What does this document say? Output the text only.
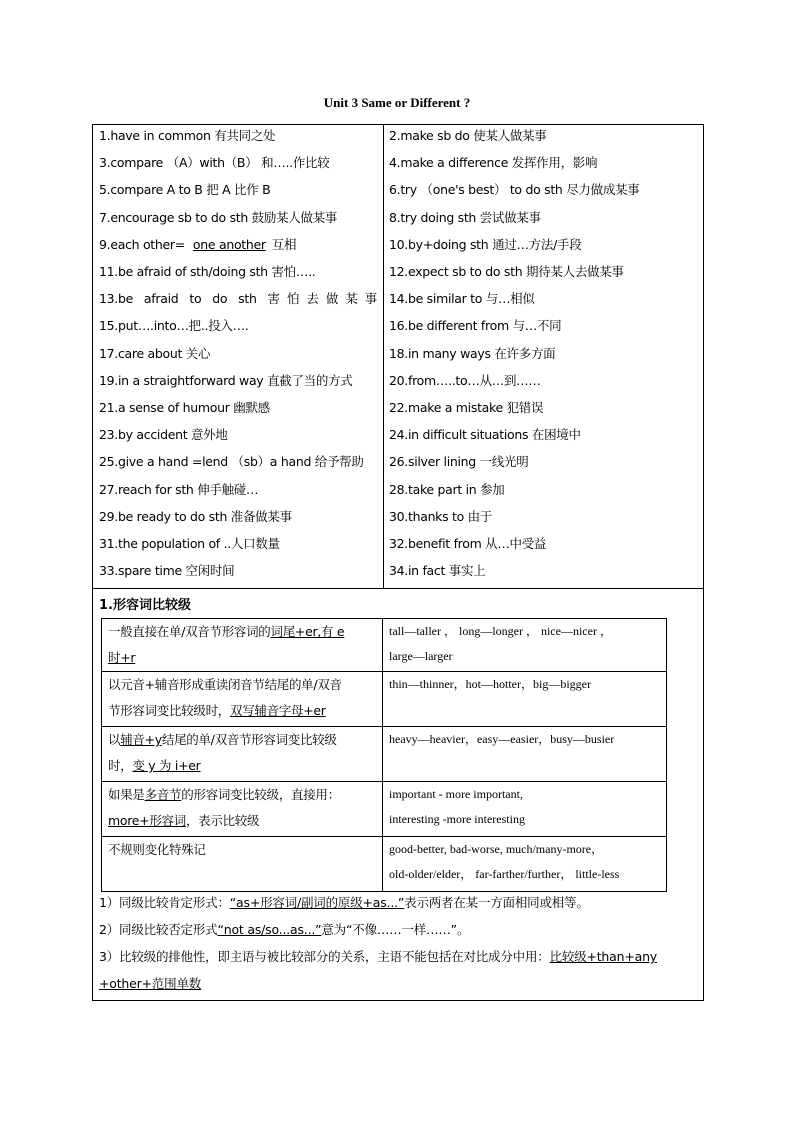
Unit 3 Same or Different ?
1.have in common 有共同之处	2.make sb do 使某人做某事
3.compare （A）with（B） 和…..作比较	4.make a difference 发挥作用，影响
5.compare A to B 把 A 比作 B	6.try （one's best） to do sth 尽力做成某事
7.encourage sb to do sth 鼓励某人做某事	8.try doing sth 尝试做某事
9.each other= one another 互相	10.by+doing sth 通过…方法/手段
11.be afraid of sth/doing sth 害怕…..	12.expect sb to do sth 期待某人去做某事
13.be afraid to do sth 害怕去做某事 14.be similar to 与…相似
15.put….into…把..投入….	16.be different from 与…不同
17.care about 关心	18.in many ways 在许多方面
19.in a straightforward way 直截了当的方式	20.from…..to…从…到……
21.a sense of humour 幽默感	22.make a mistake 犯错误
23.by accident 意外地	24.in difficult situations 在困境中
25.give a hand =lend （sb）a hand 给予帮助	26.silver lining 一线光明
27.reach for sth 伸手触碰…	28.take part in 参加
29.be ready to do sth 准备做某事	30.thanks to 由于
31.the population of ..人口数量	32.benefit from 从…中受益
33.spare time 空闲时间	34.in fact 事实上
1.形容词比较级
一般直接在单/双音节形容词的词尾+er,有 e
时+r	tall—taller ， long—longer ， nice—nicer ，
large—larger
以元音+辅音形成重读闭音节结尾的单/双音
节形容词变比较级时，双写辅音字母+er	thin—thinner，hot—hotter，big—bigger
以辅音+y结尾的单/双音节形容词变比较级
时，变 y 为 i+er	heavy—heavier，easy—easier，busy—busier
如果是多音节的形容词变比较级，直接用：
more+形容词，表示比较级	important - more important,
interesting -more interesting
不规则变化特殊记	good-better, bad-worse, much/many-more，
old-older/elder， far-farther/further， little-less
1）同级比较肯定形式：“as+形容词/副词的原级+as...”表示两者在某一方面相同或相等。
2）同级比较否定形式“not as/so...as...”意为“不像……一样……”。
3）比较级的排他性，即主语与被比较部分的关系，主语不能包括在对比成分中用：比较级+than+any
+other+范围单数
